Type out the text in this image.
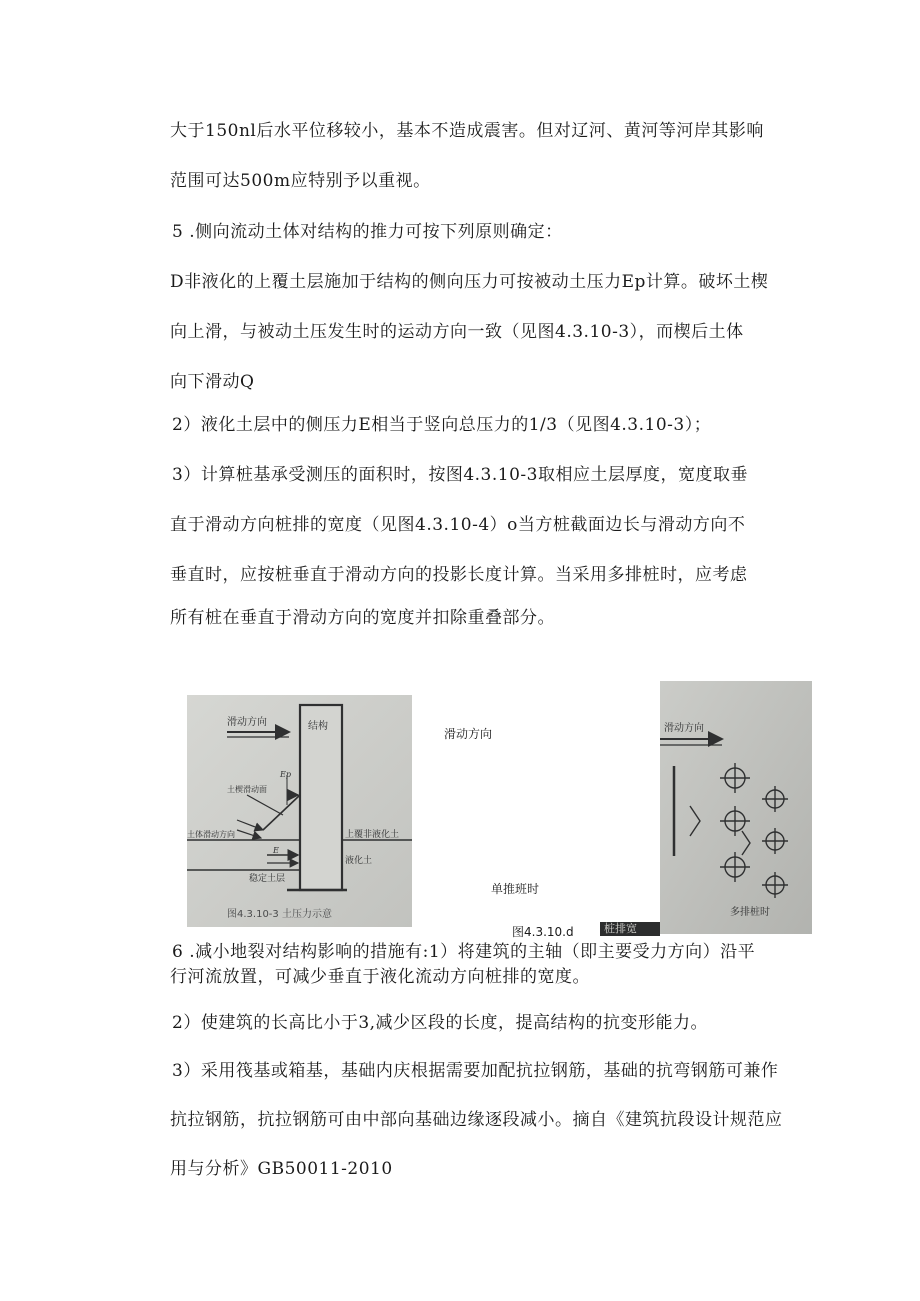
大于150nl后水平位移较小，基本不造成震害。但对辽河、黄河等河岸其影响
范围可达500m应特别予以重视。
5 .侧向流动土体对结构的推力可按下列原则确定：
D非液化的上覆土层施加于结构的侧向压力可按被动土压力Ep计算。破坏土楔
向上滑，与被动土压发生时的运动方向一致（见图4.3.10-3），而楔后土体
向下滑动Q
2）液化土层中的侧压力E相当于竖向总压力的1/3（见图4.3.10-3）；
3）计算桩基承受测压的面积时，按图4.3.10-3取相应土层厚度，宽度取垂
直于滑动方向桩排的宽度（见图4.3.10-4）o当方桩截面边长与滑动方向不
垂直时，应按桩垂直于滑动方向的投影长度计算。当采用多排桩时，应考虑
所有桩在垂直于滑动方向的宽度并扣除重叠部分。
滑动方向	结构
Ep
土楔滑动面
土体滑动方向	上覆非液化土
液化土
E
稳定土层
图4.3.10-3 土压力示意
滑动方向
单推班时
图4.3.10.d
滑动方向
多排桩时
桩排宽
6 .减小地裂对结构影响的措施有:1）将建筑的主轴（即主要受力方向）沿平
行河流放置，可减少垂直于液化流动方向桩排的宽度。
2）使建筑的长高比小于3,减少区段的长度，提高结构的抗变形能力。
3）采用筏基或箱基，基础内庆根据需要加配抗拉钢筋，基础的抗弯钢筋可兼作
抗拉钢筋，抗拉钢筋可由中部向基础边缘逐段减小。摘自《建筑抗段设计规范应
用与分析》GB50011-2010
